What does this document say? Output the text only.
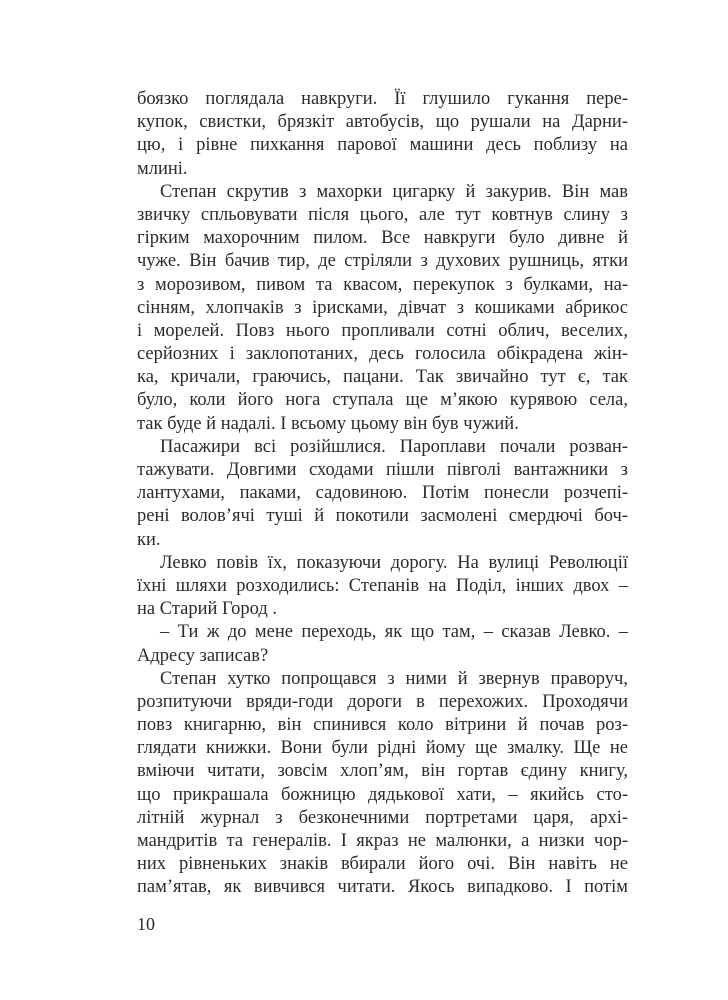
боязко поглядала навкруги. Її глушило гукання пере-
купок, свистки, брязкіт автобусів, що рушали на Дарни-
цю, і рівне пихкання парової машини десь поблизу на
млині.
Степан скрутив з махорки цигарку й закурив. Він мав
звичку спльовувати після цього, але тут ковтнув слину з
гірким махорочним пилом. Все навкруги було дивне й
чуже. Він бачив тир, де стріляли з духових рушниць, ятки
з морозивом, пивом та квасом, перекупок з булками, на-
сінням, хлопчаків з ірисками, дівчат з кошиками абрикос
і морелей. Повз нього пропливали сотні облич, веселих,
серйозних і заклопотаних, десь голосила обікрадена жін-
ка, кричали, граючись, пацани. Так звичайно тут є, так
було, коли його нога ступала ще м’якою курявою села,
так буде й надалі. І всьому цьому він був чужий.
Пасажири всі розійшлися. Пароплави почали розван-
тажувати. Довгими сходами пішли півголі вантажники з
лантухами, паками, садовиною. Потім понесли розчепі-
рені волов’ячі туші й покотили засмолені смердючі боч-
ки.
Левко повів їх, показуючи дорогу. На вулиці Революції
їхні шляхи розходились: Степанів на Поділ, інших двох –
на Старий Город .
– Ти ж до мене переходь, як що там, – сказав Левко. –
Адресу записав?
Степан хутко попрощався з ними й звернув праворуч,
розпитуючи вряди-годи дороги в перехожих. Проходячи
повз книгарню, він спинився коло вітрини й почав роз-
глядати книжки. Вони були рідні йому ще змалку. Ще не
вміючи читати, зовсім хлоп’ям, він гортав єдину книгу,
що прикрашала божницю дядькової хати, – якийсь сто-
літній журнал з безконечними портретами царя, архі-
мандритів та генералів. І якраз не малюнки, а низки чор-
них рівненьких знаків вбирали його очі. Він навіть не
пам’ятав, як вивчився читати. Якось випадково. І потім
10
